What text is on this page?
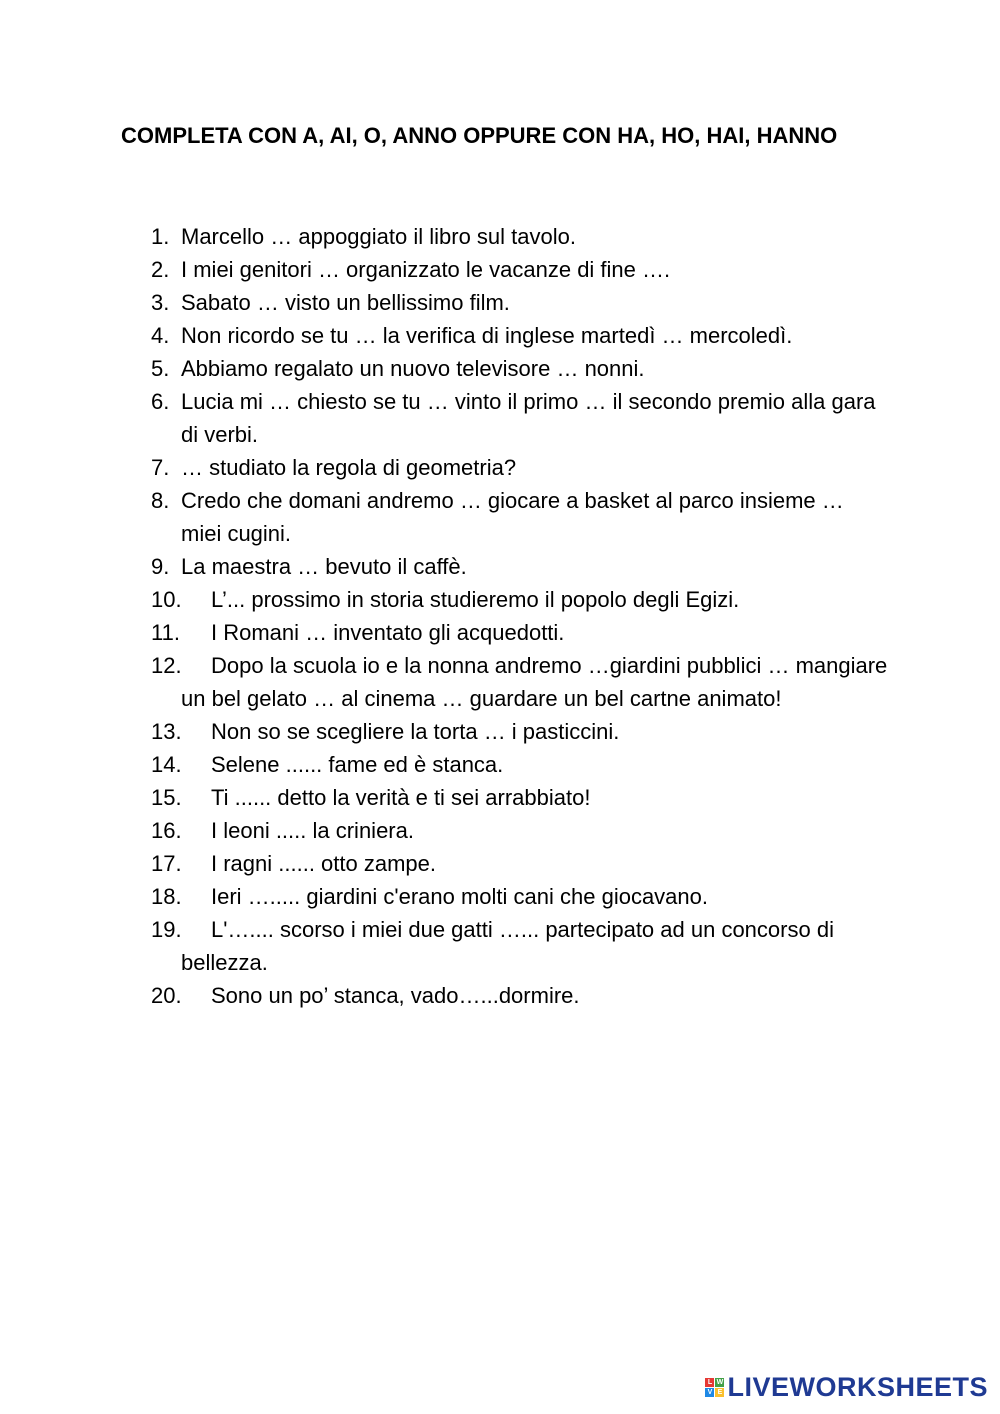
COMPLETA CON A, AI, O, ANNO OPPURE CON HA, HO, HAI, HANNO
1. Marcello … appoggiato il libro sul tavolo.
2. I miei genitori … organizzato le vacanze di fine ….
3. Sabato … visto un bellissimo film.
4. Non ricordo se tu … la verifica di inglese martedì … mercoledì.
5. Abbiamo regalato un nuovo televisore … nonni.
6. Lucia mi … chiesto se tu … vinto il primo … il secondo premio alla gara di verbi.
7. … studiato la regola di geometria?
8. Credo che domani andremo … giocare a basket al parco insieme … miei cugini.
9. La maestra … bevuto il caffè.
10.	L’... prossimo in storia studieremo il popolo degli Egizi.
11.	I Romani … inventato gli acquedotti.
12.	Dopo la scuola io e la nonna andremo …giardini pubblici … mangiare un bel gelato … al cinema … guardare un bel cartne animato!
13.	Non so se scegliere la torta … i pasticcini.
14.	Selene ...... fame ed è stanca.
15.	Ti ...... detto la verità e ti sei arrabbiato!
16.	I leoni ..... la criniera.
17.	I ragni ...... otto zampe.
18.	Ieri …..... giardini c'erano molti cani che giocavano.
19.	L'….... scorso i miei due gatti …... partecipato ad un concorso di bellezza.
20.	Sono un po’ stanca, vado…...dormire.
L W
V E LIVEWORKSHEETS
